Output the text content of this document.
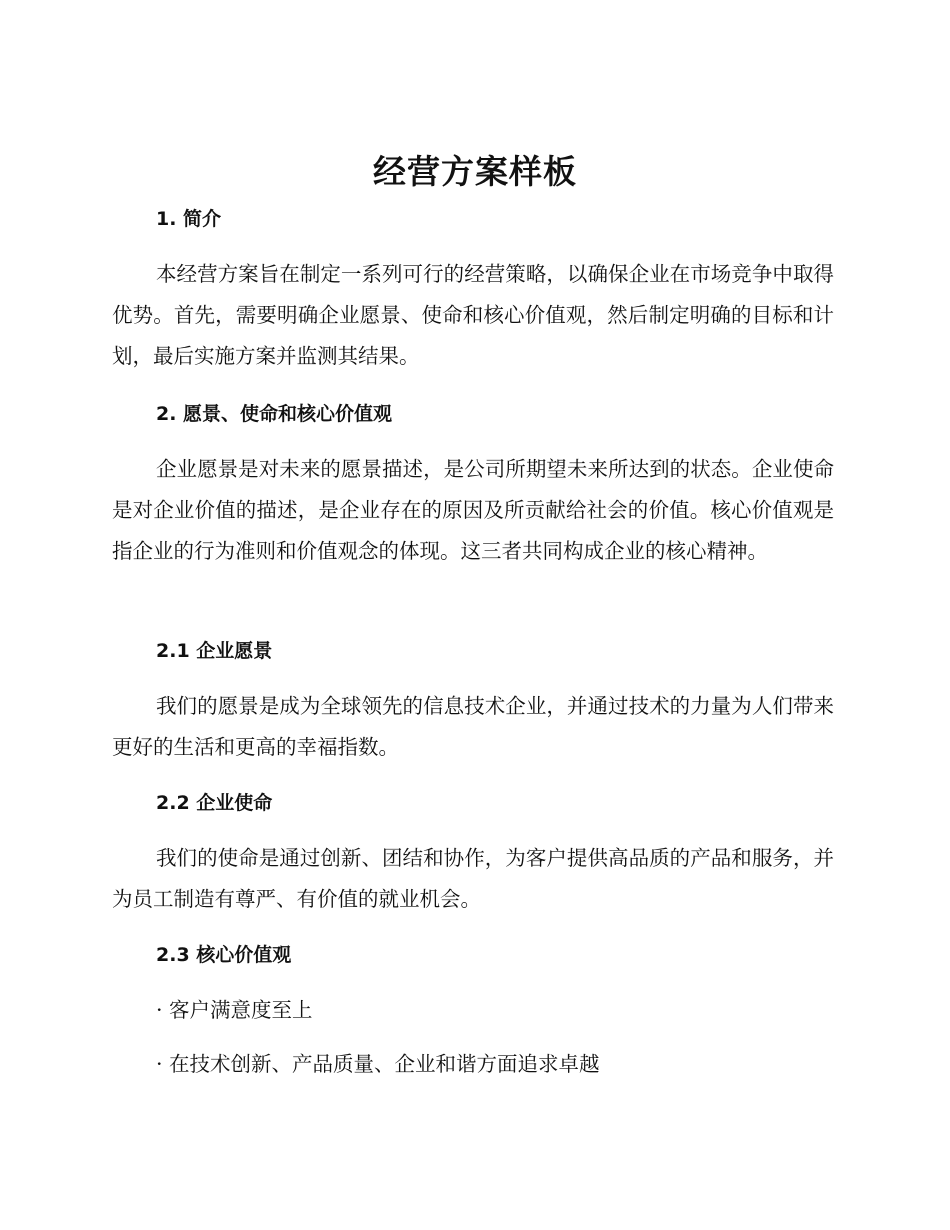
经营方案样板
1. 简介

本经营方案旨在制定一系列可行的经营策略，以确保企业在市场竞争中取得优势。首先，需要明确企业愿景、使命和核心价值观，然后制定明确的目标和计划，最后实施方案并监测其结果。

2. 愿景、使命和核心价值观

企业愿景是对未来的愿景描述，是公司所期望未来所达到的状态。企业使命是对企业价值的描述，是企业存在的原因及所贡献给社会的价值。核心价值观是指企业的行为准则和价值观念的体现。这三者共同构成企业的核心精神。

2.1 企业愿景

我们的愿景是成为全球领先的信息技术企业，并通过技术的力量为人们带来更好的生活和更高的幸福指数。

2.2 企业使命

我们的使命是通过创新、团结和协作，为客户提供高品质的产品和服务，并为员工制造有尊严、有价值的就业机会。

2.3 核心价值观

· 客户满意度至上

· 在技术创新、产品质量、企业和谐方面追求卓越
